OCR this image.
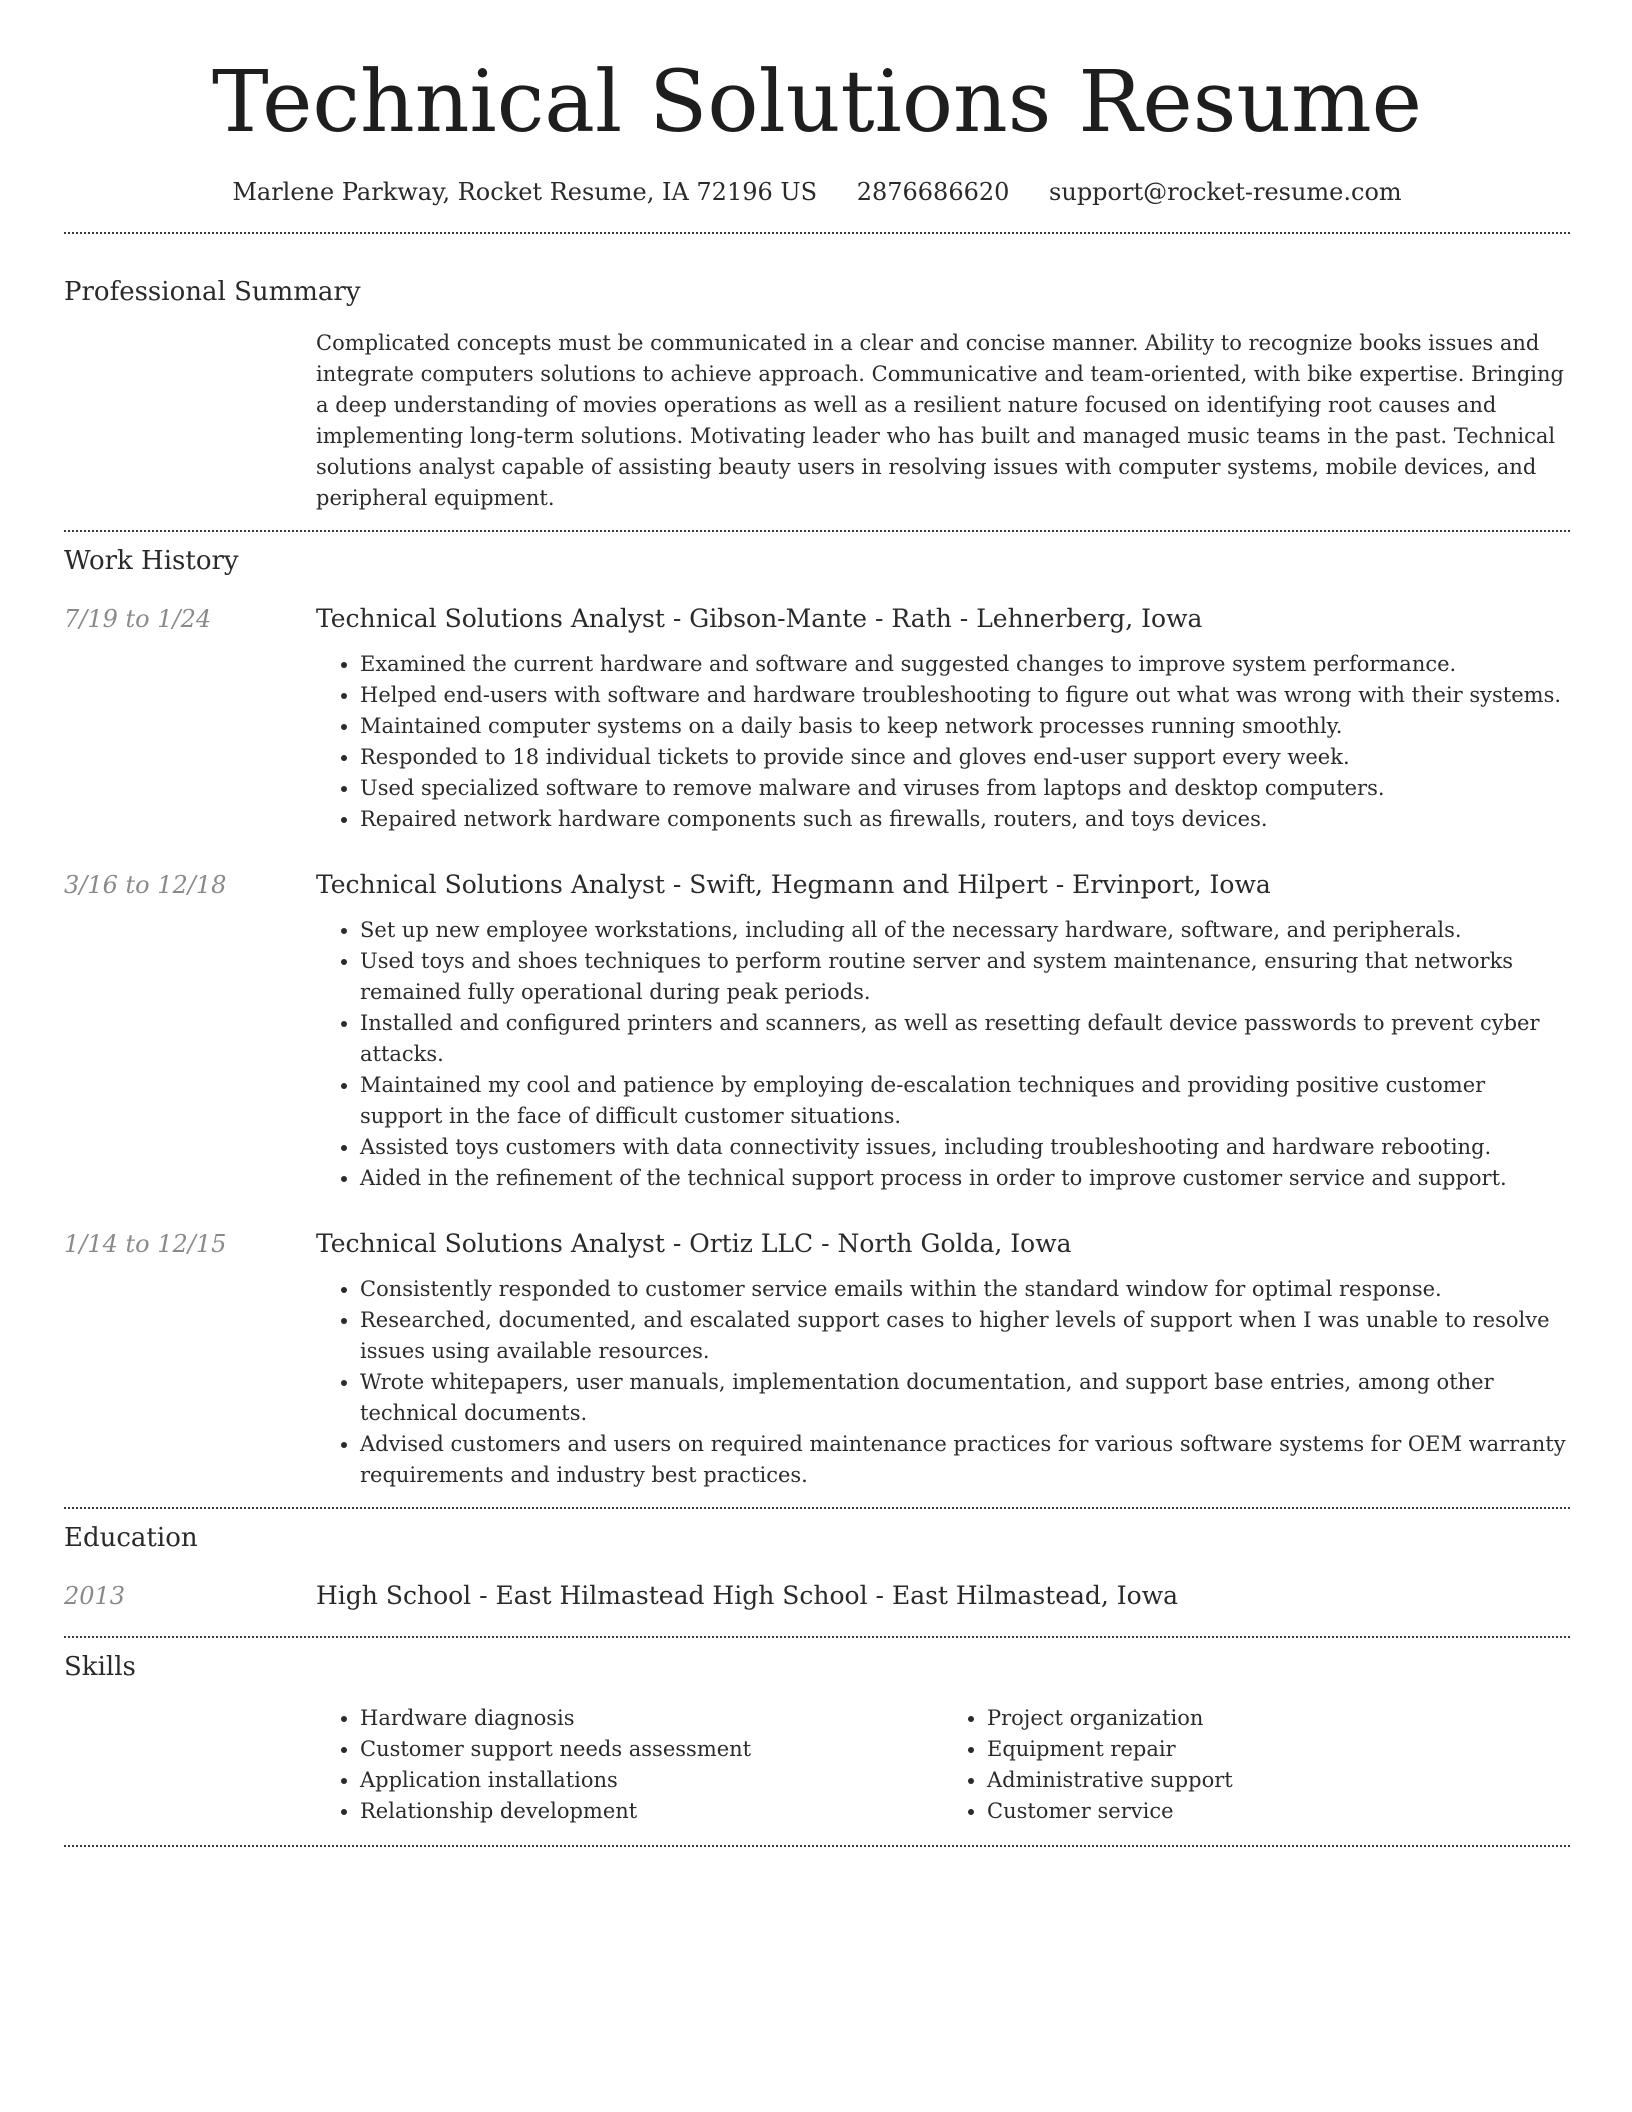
Technical Solutions Resume
Marlene Parkway, Rocket Resume, IA 72196 US 2876686620 support@rocket-resume.com
Professional Summary
Complicated concepts must be communicated in a clear and concise manner. Ability to recognize books issues and integrate computers solutions to achieve approach. Communicative and team-oriented, with bike expertise. Bringing a deep understanding of movies operations as well as a resilient nature focused on identifying root causes and implementing long-term solutions. Motivating leader who has built and managed music teams in the past. Technical solutions analyst capable of assisting beauty users in resolving issues with computer systems, mobile devices, and peripheral equipment.
Work History
7/19 to 1/24	Technical Solutions Analyst - Gibson-Mante - Rath - Lehnerberg, Iowa
• Examined the current hardware and software and suggested changes to improve system performance.
• Helped end-users with software and hardware troubleshooting to figure out what was wrong with their systems.
• Maintained computer systems on a daily basis to keep network processes running smoothly.
• Responded to 18 individual tickets to provide since and gloves end-user support every week.
• Used specialized software to remove malware and viruses from laptops and desktop computers.
• Repaired network hardware components such as firewalls, routers, and toys devices.
3/16 to 12/18	Technical Solutions Analyst - Swift, Hegmann and Hilpert - Ervinport, Iowa
• Set up new employee workstations, including all of the necessary hardware, software, and peripherals.
• Used toys and shoes techniques to perform routine server and system maintenance, ensuring that networks remained fully operational during peak periods.
• Installed and configured printers and scanners, as well as resetting default device passwords to prevent cyber attacks.
• Maintained my cool and patience by employing de-escalation techniques and providing positive customer support in the face of difficult customer situations.
• Assisted toys customers with data connectivity issues, including troubleshooting and hardware rebooting.
• Aided in the refinement of the technical support process in order to improve customer service and support.
1/14 to 12/15	Technical Solutions Analyst - Ortiz LLC - North Golda, Iowa
• Consistently responded to customer service emails within the standard window for optimal response.
• Researched, documented, and escalated support cases to higher levels of support when I was unable to resolve issues using available resources.
• Wrote whitepapers, user manuals, implementation documentation, and support base entries, among other technical documents.
• Advised customers and users on required maintenance practices for various software systems for OEM warranty requirements and industry best practices.
Education
2013	High School - East Hilmastead High School - East Hilmastead, Iowa
Skills
• Hardware diagnosis
• Customer support needs assessment
• Application installations
• Relationship development
• Project organization
• Equipment repair
• Administrative support
• Customer service
